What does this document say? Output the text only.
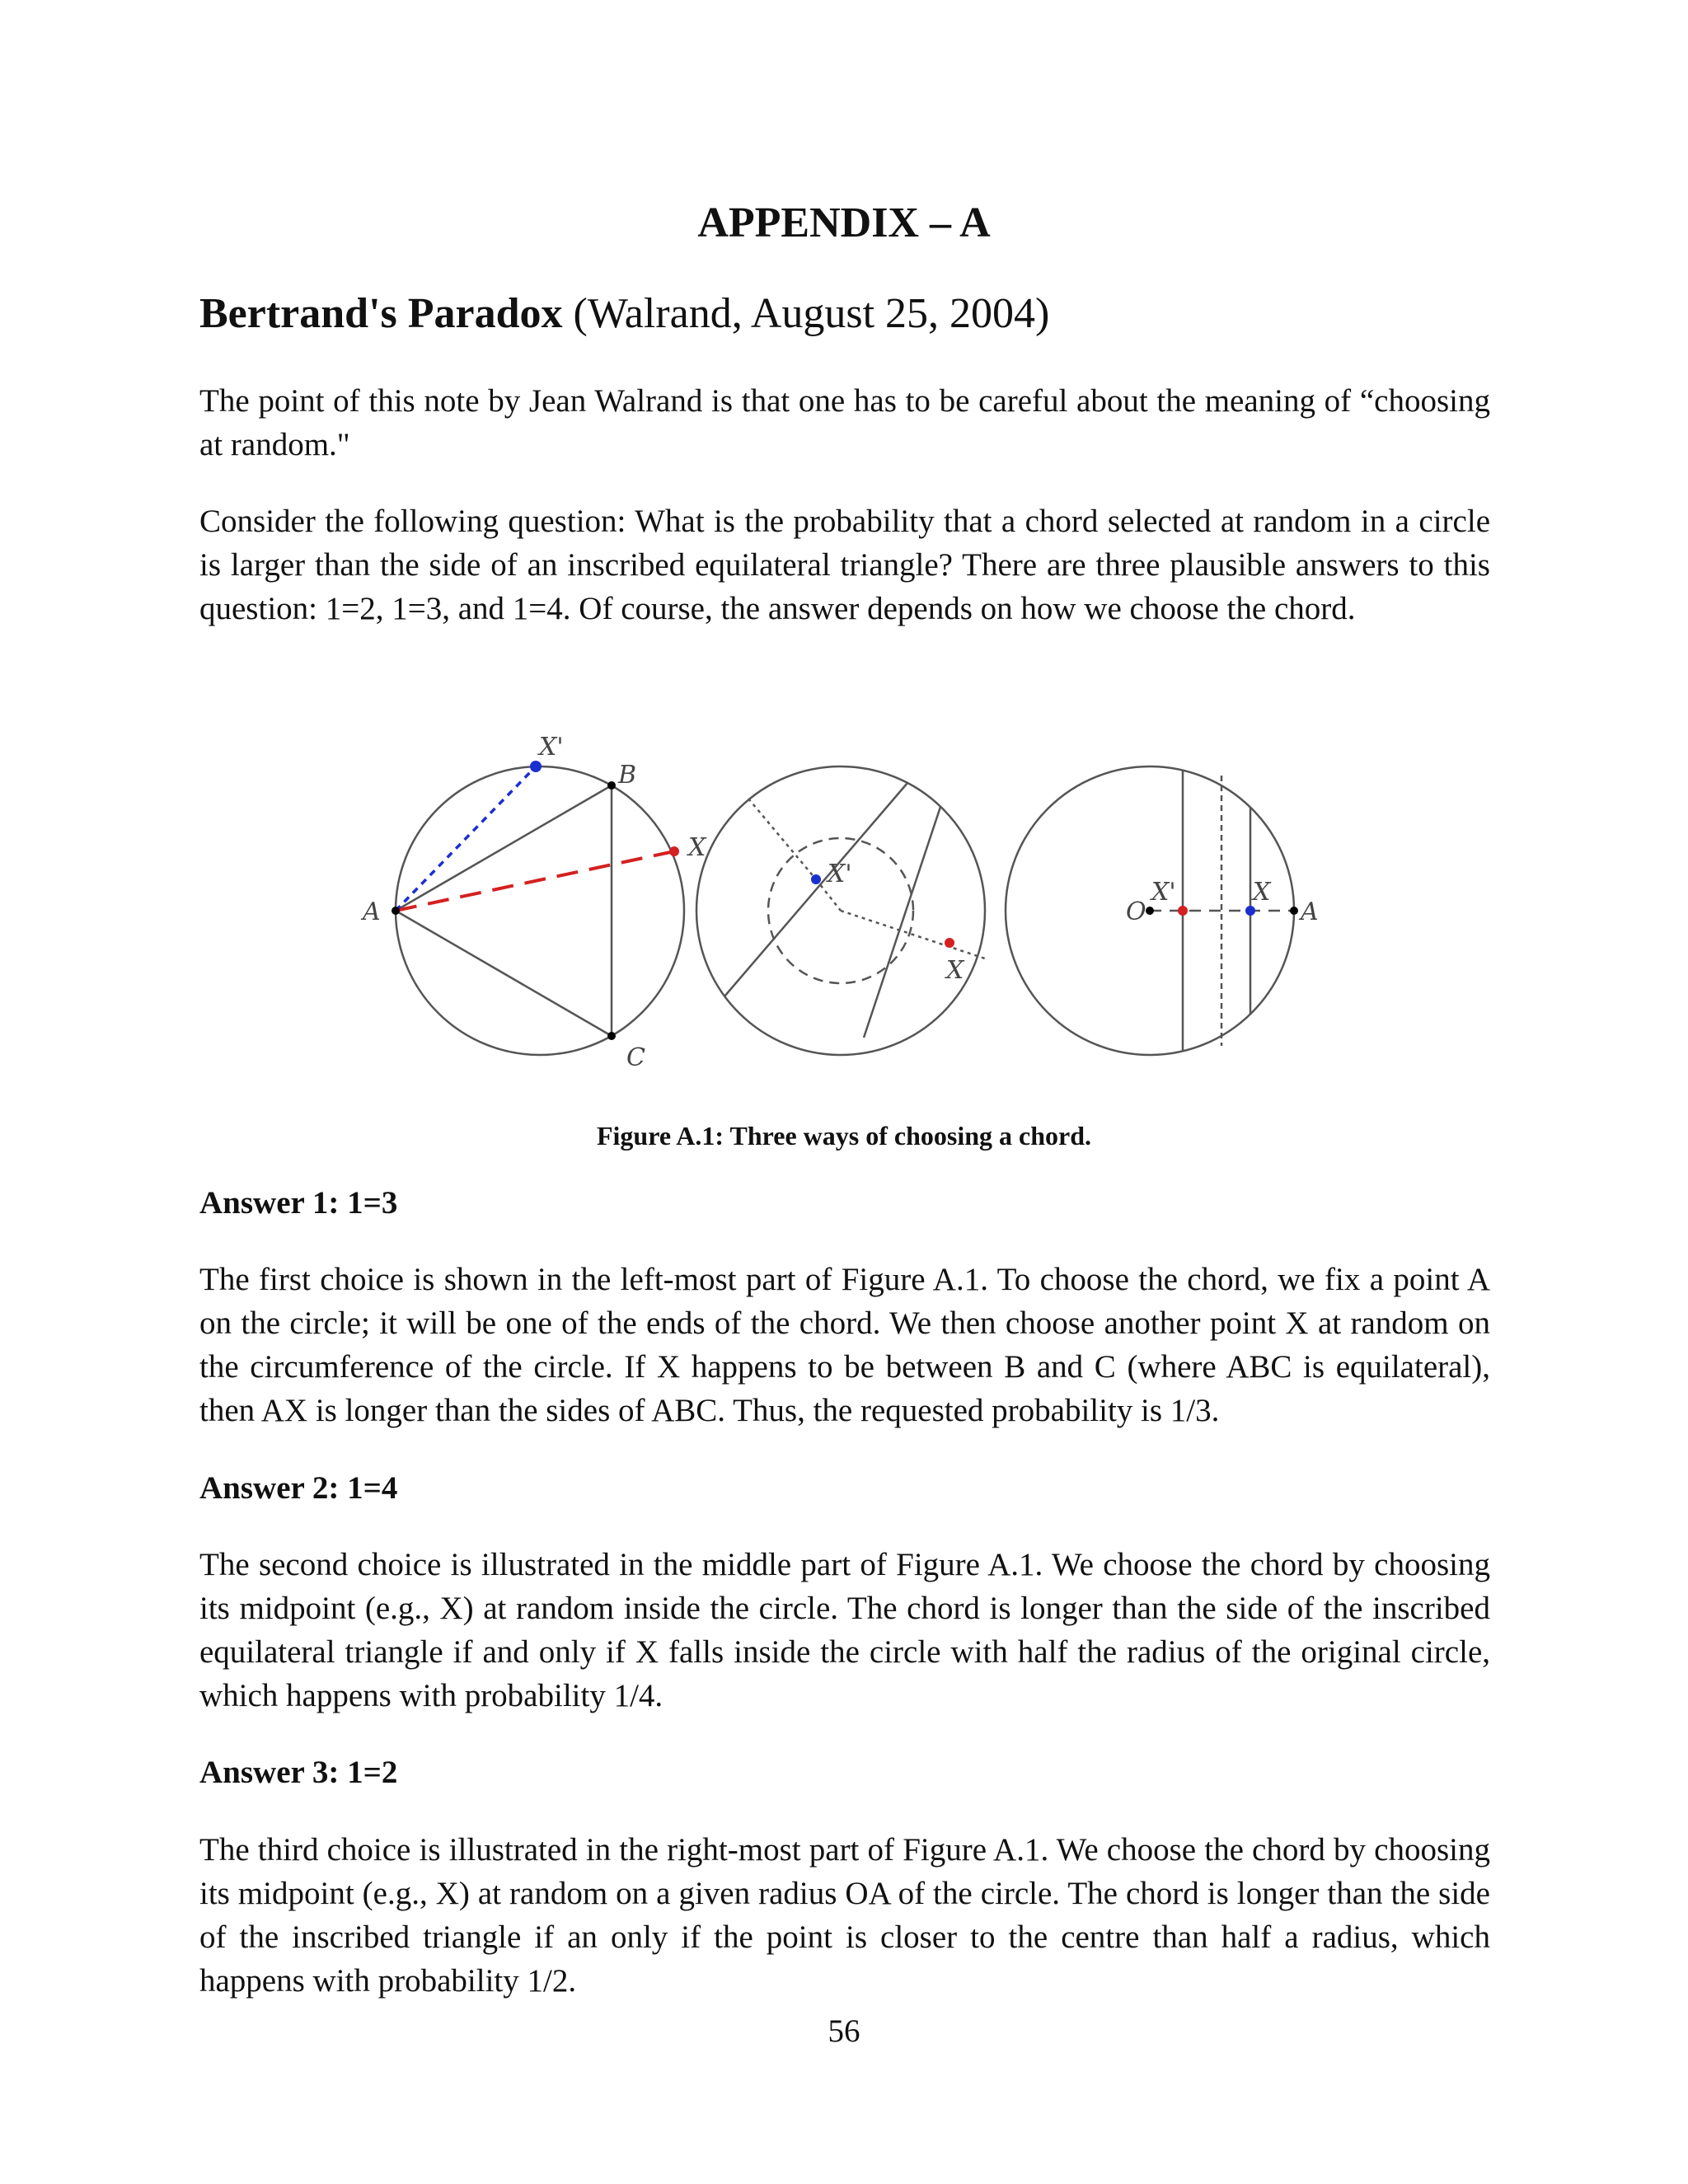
APPENDIX – A
Bertrand's Paradox (Walrand, August 25, 2004)

The point of this note by Jean Walrand is that one has to be careful about the meaning of “choosing at random."

Consider the following question: What is the probability that a chord selected at random in a circle is larger than the side of an inscribed equilateral triangle? There are three plausible answers to this question: 1=2, 1=3, and 1=4. Of course, the answer depends on how we choose the chord.

A
B
C
X
X'
X'
X
O
X'	X
A

Figure A.1: Three ways of choosing a chord.

Answer 1: 1=3

The first choice is shown in the left-most part of Figure A.1. To choose the chord, we fix a point A on the circle; it will be one of the ends of the chord. We then choose another point X at random on the circumference of the circle. If X happens to be between B and C (where ABC is equilateral), then AX is longer than the sides of ABC. Thus, the requested probability is 1/3.

Answer 2: 1=4

The second choice is illustrated in the middle part of Figure A.1. We choose the chord by choosing its midpoint (e.g., X) at random inside the circle. The chord is longer than the side of the inscribed equilateral triangle if and only if X falls inside the circle with half the radius of the original circle, which happens with probability 1/4.

Answer 3: 1=2

The third choice is illustrated in the right-most part of Figure A.1. We choose the chord by choosing its midpoint (e.g., X) at random on a given radius OA of the circle. The chord is longer than the side of the inscribed triangle if an only if the point is closer to the centre than half a radius, which happens with probability 1/2.

56
